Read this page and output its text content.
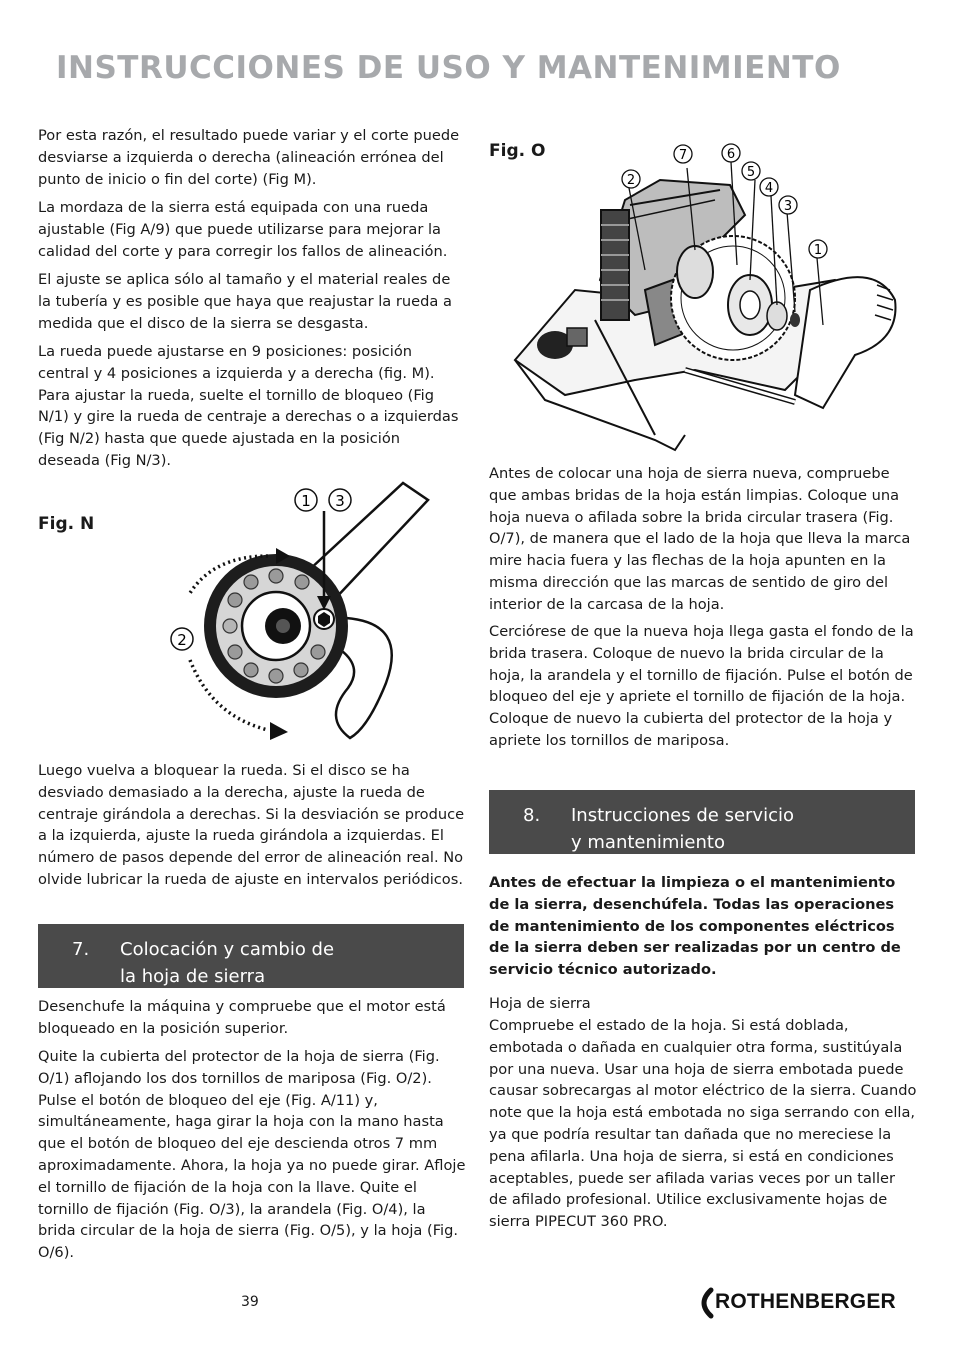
INSTRUCCIONES DE USO Y MANTENIMIENTO

Por esta razón, el resultado puede variar y el corte puede desviarse a izquierda o derecha (alineación errónea del punto de inicio o fin del corte) (Fig M).

La mordaza de la sierra está equipada con una rueda ajustable (Fig A/9) que puede utilizarse para mejorar la calidad del corte y para corregir los fallos de alineación.

El ajuste se aplica sólo al tamaño y el material reales de la tubería y es posible que haya que reajustar la rueda a medida que el disco de la sierra se desgasta.

La rueda puede ajustarse en 9 posiciones: posición central y 4 posiciones a izquierda y a derecha (fig. M). Para ajustar la rueda, suelte el tornillo de bloqueo (Fig N/1) y gire la rueda de centraje a derechas o a izquierdas (Fig N/2) hasta que quede ajustada en la posición deseada (Fig N/3).

Fig. N
1 3
2

Luego vuelva a bloquear la rueda. Si el disco se ha desviado demasiado a la derecha, ajuste la rueda de centraje girándola a derechas. Si la desviación se produce a la izquierda, ajuste la rueda girándola a izquierdas. El número de pasos depende del error de alineación real. No olvide lubricar la rueda de ajuste en intervalos periódicos.

7. Colocación y cambio de
la hoja de sierra

Desenchufe la máquina y compruebe que el motor está bloqueado en la posición superior.

Quite la cubierta del protector de la hoja de sierra (Fig. O/1) aflojando los dos tornillos de mariposa (Fig. O/2). Pulse el botón de bloqueo del eje (Fig. A/11) y, simultáneamente, haga girar la hoja con la mano hasta que el botón de bloqueo del eje descienda otros 7 mm aproximadamente. Ahora, la hoja ya no puede girar. Afloje el tornillo de fijación de la hoja con la llave. Quite el tornillo de fijación (Fig. O/3), la arandela (Fig. O/4), la brida circular de la hoja de sierra (Fig. O/5), y la hoja (Fig. O/6).

Fig. O	7	6
5
4
3
2
1

Antes de colocar una hoja de sierra nueva, compruebe que ambas bridas de la hoja están limpias. Coloque una hoja nueva o afilada sobre la brida circular trasera (Fig. O/7), de manera que el lado de la hoja que lleva la marca mire hacia fuera y las flechas de la hoja apunten en la misma dirección que las marcas de sentido de giro del interior de la carcasa de la hoja.

Cerciórese de que la nueva hoja llega gasta el fondo de la brida trasera. Coloque de nuevo la brida circular de la hoja, la arandela y el tornillo de fijación. Pulse el botón de bloqueo del eje y apriete el tornillo de fijación de la hoja. Coloque de nuevo la cubierta del protector de la hoja y apriete los tornillos de mariposa.

8. Instrucciones de servicio
y mantenimiento

Antes de efectuar la limpieza o el mantenimiento de la sierra, desenchúfela. Todas las operaciones de mantenimiento de los componentes eléctricos de la sierra deben ser realizadas por un centro de servicio técnico autorizado.

Hoja de sierra

Compruebe el estado de la hoja. Si está doblada, embotada o dañada en cualquier otra forma, sustitúyala por una nueva. Usar una hoja de sierra embotada puede causar sobrecargas al motor eléctrico de la sierra. Cuando note que la hoja está embotada no siga serrando con ella, ya que podría resultar tan dañada que no mereciese la pena afilarla. Una hoja de sierra, si está en condiciones aceptables, puede ser afilada varias veces por un taller de afilado profesional. Utilice exclusivamente hojas de sierra PIPECUT 360 PRO.

39	ROTHENBERGER
